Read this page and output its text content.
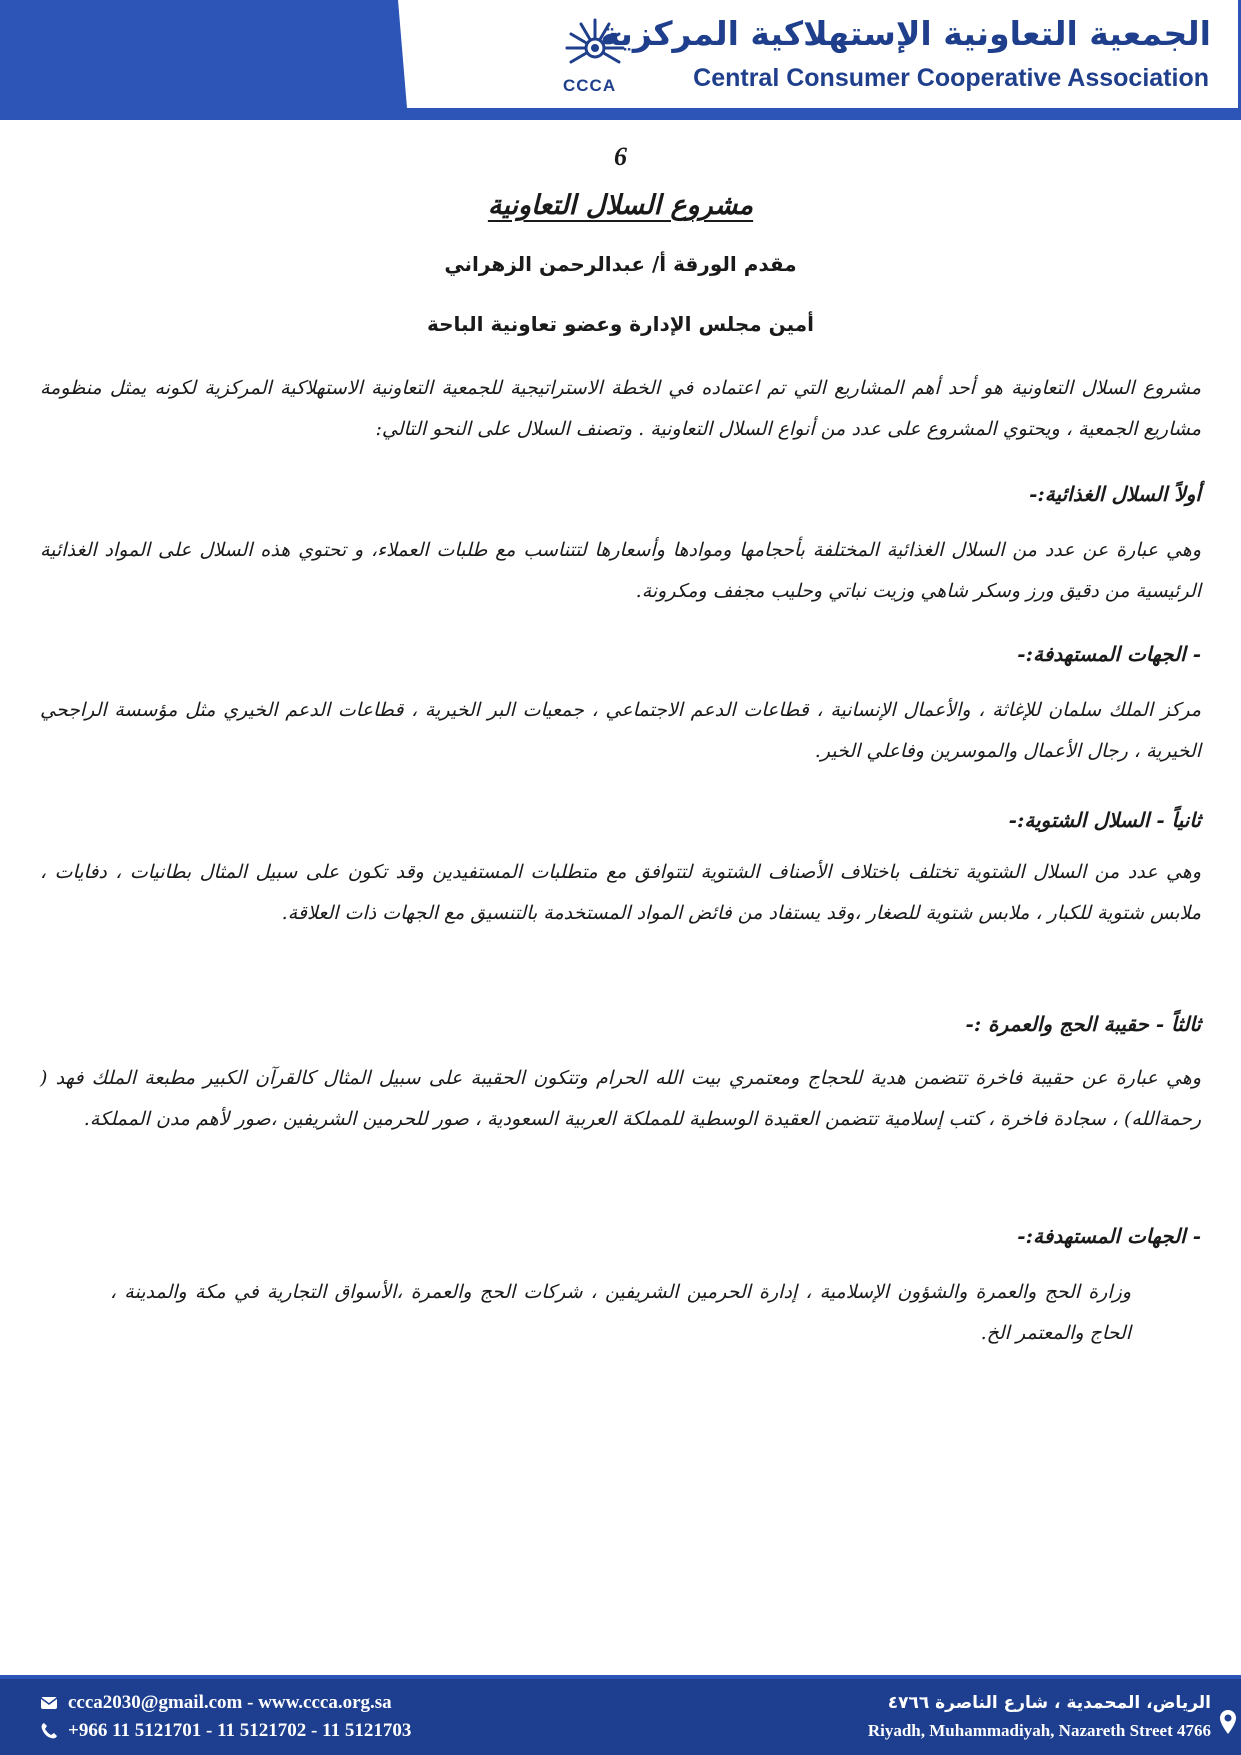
CCCA
الجمعية التعاونية الإستهلاكية المركزية
Central Consumer Cooperative Association
6
مشروع السلال التعاونية
مقدم الورقة أ/ عبدالرحمن الزهراني
أمين مجلس الإدارة وعضو تعاونية الباحة
مشروع السلال التعاونية هو أحد أهم المشاريع التي تم اعتماده في الخطة الاستراتيجية للجمعية التعاونية الاستهلاكية المركزية لكونه يمثل منظومة مشاريع الجمعية ، ويحتوي المشروع على عدد من أنواع السلال التعاونية . وتصنف السلال على النحو التالي:
أولاً السلال الغذائية:-
وهي عبارة عن عدد من السلال الغذائية المختلفة بأحجامها وموادها وأسعارها لتتناسب مع طلبات العملاء، و تحتوي هذه السلال على المواد الغذائية الرئيسية من دقيق ورز وسكر شاهي وزيت نباتي وحليب مجفف ومكرونة.
- الجهات المستهدفة:-
مركز الملك سلمان للإغاثة ، والأعمال الإنسانية ، قطاعات الدعم الاجتماعي ، جمعيات البر الخيرية ، قطاعات الدعم الخيري مثل مؤسسة الراجحي الخيرية ، رجال الأعمال والموسرين وفاعلي الخير.
ثانياً - السلال الشتوية:-
وهي عدد من السلال الشتوية تختلف باختلاف الأصناف الشتوية لتتوافق مع متطلبات المستفيدين وقد تكون على سبيل المثال بطانيات ، دفايات ، ملابس شتوية للكبار ، ملابس شتوية للصغار ،وقد يستفاد من فائض المواد المستخدمة بالتنسيق مع الجهات ذات العلاقة.
ثالثاً - حقيبة الحج والعمرة :-
وهي عبارة عن حقيبة فاخرة تتضمن هدية للحجاج ومعتمري بيت الله الحرام وتتكون الحقيبة على سبيل المثال كالقرآن الكبير مطبعة الملك فهد ( رحمةالله) ، سجادة فاخرة ، كتب إسلامية تتضمن العقيدة الوسطية للمملكة العربية السعودية ، صور للحرمين الشريفين ،صور لأهم مدن المملكة.
- الجهات المستهدفة:-
وزارة الحج والعمرة والشؤون الإسلامية ، إدارة الحرمين الشريفين ، شركات الحج والعمرة ،الأسواق التجارية في مكة والمدينة ، الحاج والمعتمر الخ.
ccca2030@gmail.com - www.ccca.org.sa
+966 11 5121701 - 11 5121702 - 11 5121703
الرياض، المحمدية ، شارع الناصرة ٤٧٦٦
Riyadh, Muhammadiyah, Nazareth Street 4766
